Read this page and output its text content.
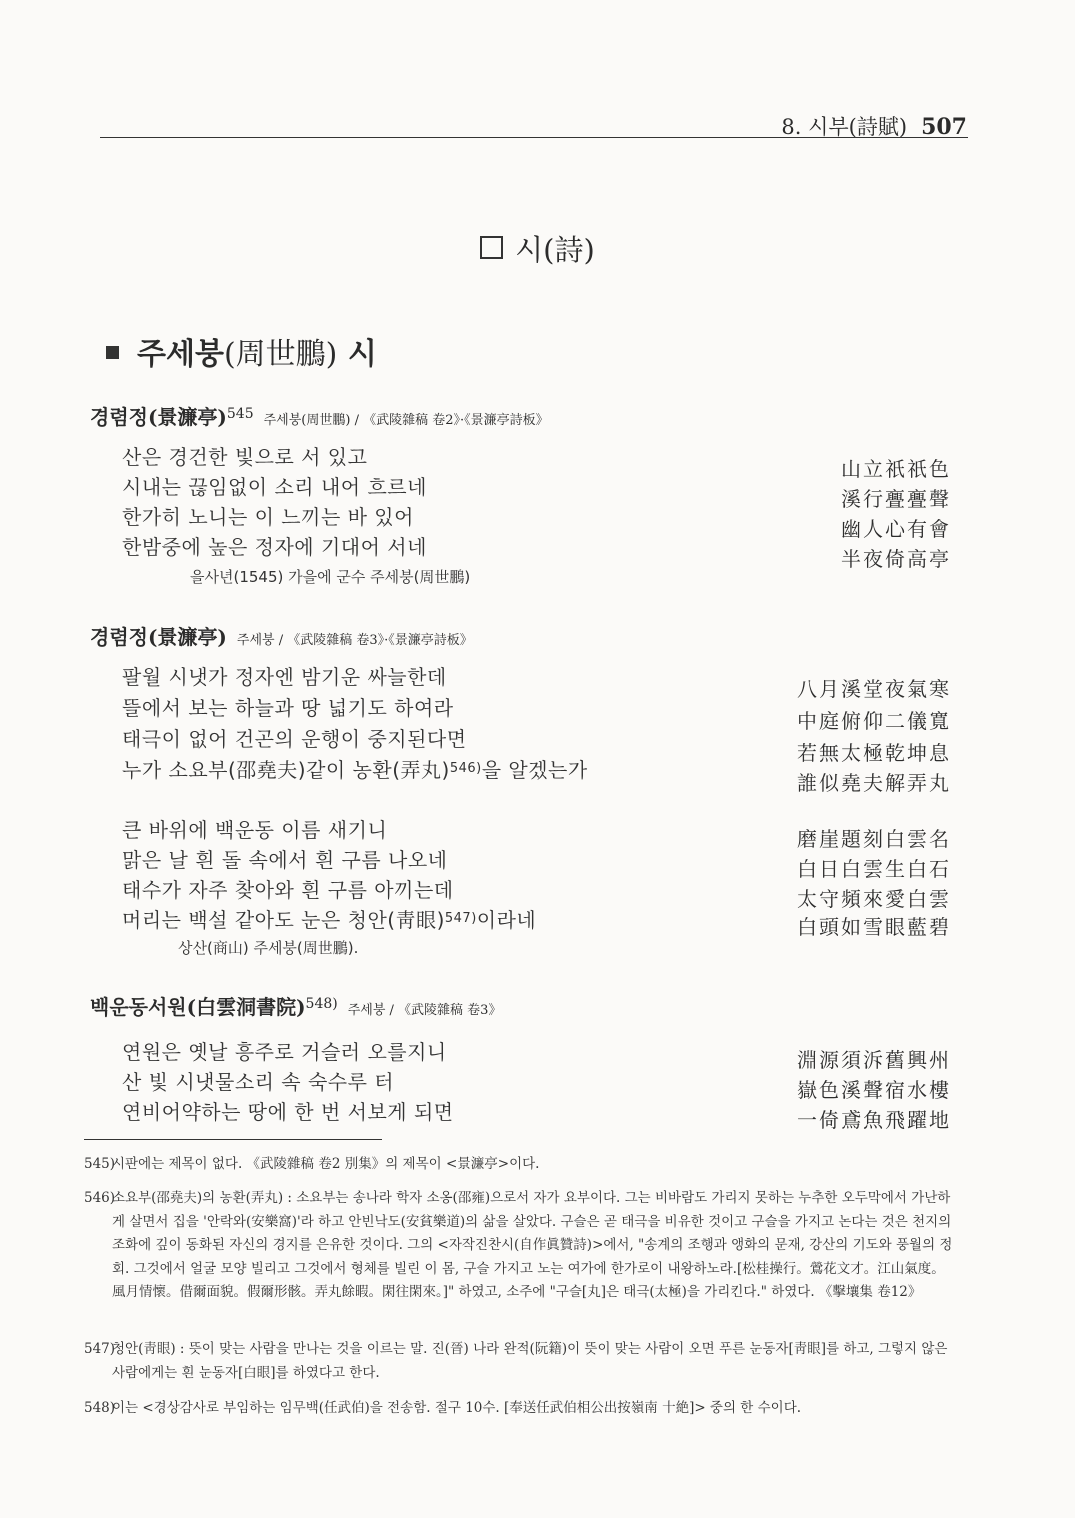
8. 시부(詩賦) 507
시(詩)
주세붕(周世鵬) 시
경렴정(景濂亭)$^{545}$ 주세붕(周世鵬) / 《武陵雜稿 卷2》·《景濂亭詩板》
산은 경건한 빛으로 서 있고
시내는 끊임없이 소리 내어 흐르네
한가히 노니는 이 느끼는 바 있어
한밤중에 높은 정자에 기대어 서네
을사년(1545) 가을에 군수 주세붕(周世鵬)
山立祇祇色
溪行亹亹聲
幽人心有會
半夜倚高亭
경렴정(景濂亭) 주세붕 / 《武陵雜稿 卷3》·《景濂亭詩板》
팔월 시냇가 정자엔 밤기운 싸늘한데
뜰에서 보는 하늘과 땅 넓기도 하여라
태극이 없어 건곤의 운행이 중지된다면
누가 소요부(邵堯夫)같이 농환(弄丸)$^{546)}$을 알겠는가
八月溪堂夜氣寒
中庭俯仰二儀寬
若無太極乾坤息
誰似堯夫解弄丸
큰 바위에 백운동 이름 새기니
맑은 날 흰 돌 속에서 흰 구름 나오네
태수가 자주 찾아와 흰 구름 아끼는데
머리는 백설 같아도 눈은 청안(靑眼)$^{547)}$이라네
상산(商山) 주세붕(周世鵬).
磨崖題刻白雲名
白日白雲生白石
太守頻來愛白雲
白頭如雪眼藍碧
백운동서원(白雲洞書院)$^{548)}$ 주세붕 / 《武陵雜稿 卷3》
연원은 옛날 흥주로 거슬러 오를지니
산 빛 시냇물소리 속 숙수루 터
연비어약하는 땅에 한 번 서보게 되면
淵源須泝舊興州
嶽色溪聲宿水樓
一倚鳶魚飛躍地
545)
시판에는 제목이 없다. 《武陵雜稿 卷2 別集》의 제목이 <景濂亭>이다.
546)
소요부(邵堯夫)의 농환(弄丸) : 소요부는 송나라 학자 소옹(邵雍)으로서 자가 요부이다. 그는 비바람도 가리지 못하는 누추한 오두막에서 가난하게 살면서 집을 '안락와(安樂窩)'라 하고 안빈낙도(安貧樂道)의 삶을 살았다. 구슬은 곧 태극을 비유한 것이고 구슬을 가지고 논다는 것은 천지의 조화에 깊이 동화된 자신의 경지를 은유한 것이다. 그의 <자작진찬시(自作眞贊詩)>에서, "송계의 조행과 앵화의 문재, 강산의 기도와 풍월의 정회. 그것에서 얼굴 모양 빌리고 그것에서 형체를 빌린 이 몸, 구슬 가지고 노는 여가에 한가로이 내왕하노라.[松桂操行。鶯花文才。江山氣度。風月情懷。借爾面貌。假爾形骸。弄丸餘暇。閑往閑來。]" 하였고, 소주에 "구슬[丸]은 태극(太極)을 가리킨다." 하였다. 《擊壤集 卷12》
547)
청안(靑眼) : 뜻이 맞는 사람을 만나는 것을 이르는 말. 진(晉) 나라 완적(阮籍)이 뜻이 맞는 사람이 오면 푸른 눈동자[靑眼]를 하고, 그렇지 않은 사람에게는 흰 눈동자[白眼]를 하였다고 한다.
548)
이는 <경상감사로 부임하는 임무백(任武伯)을 전송함. 절구 10수. [奉送任武伯相公出按嶺南 十絶]> 중의 한 수이다.
